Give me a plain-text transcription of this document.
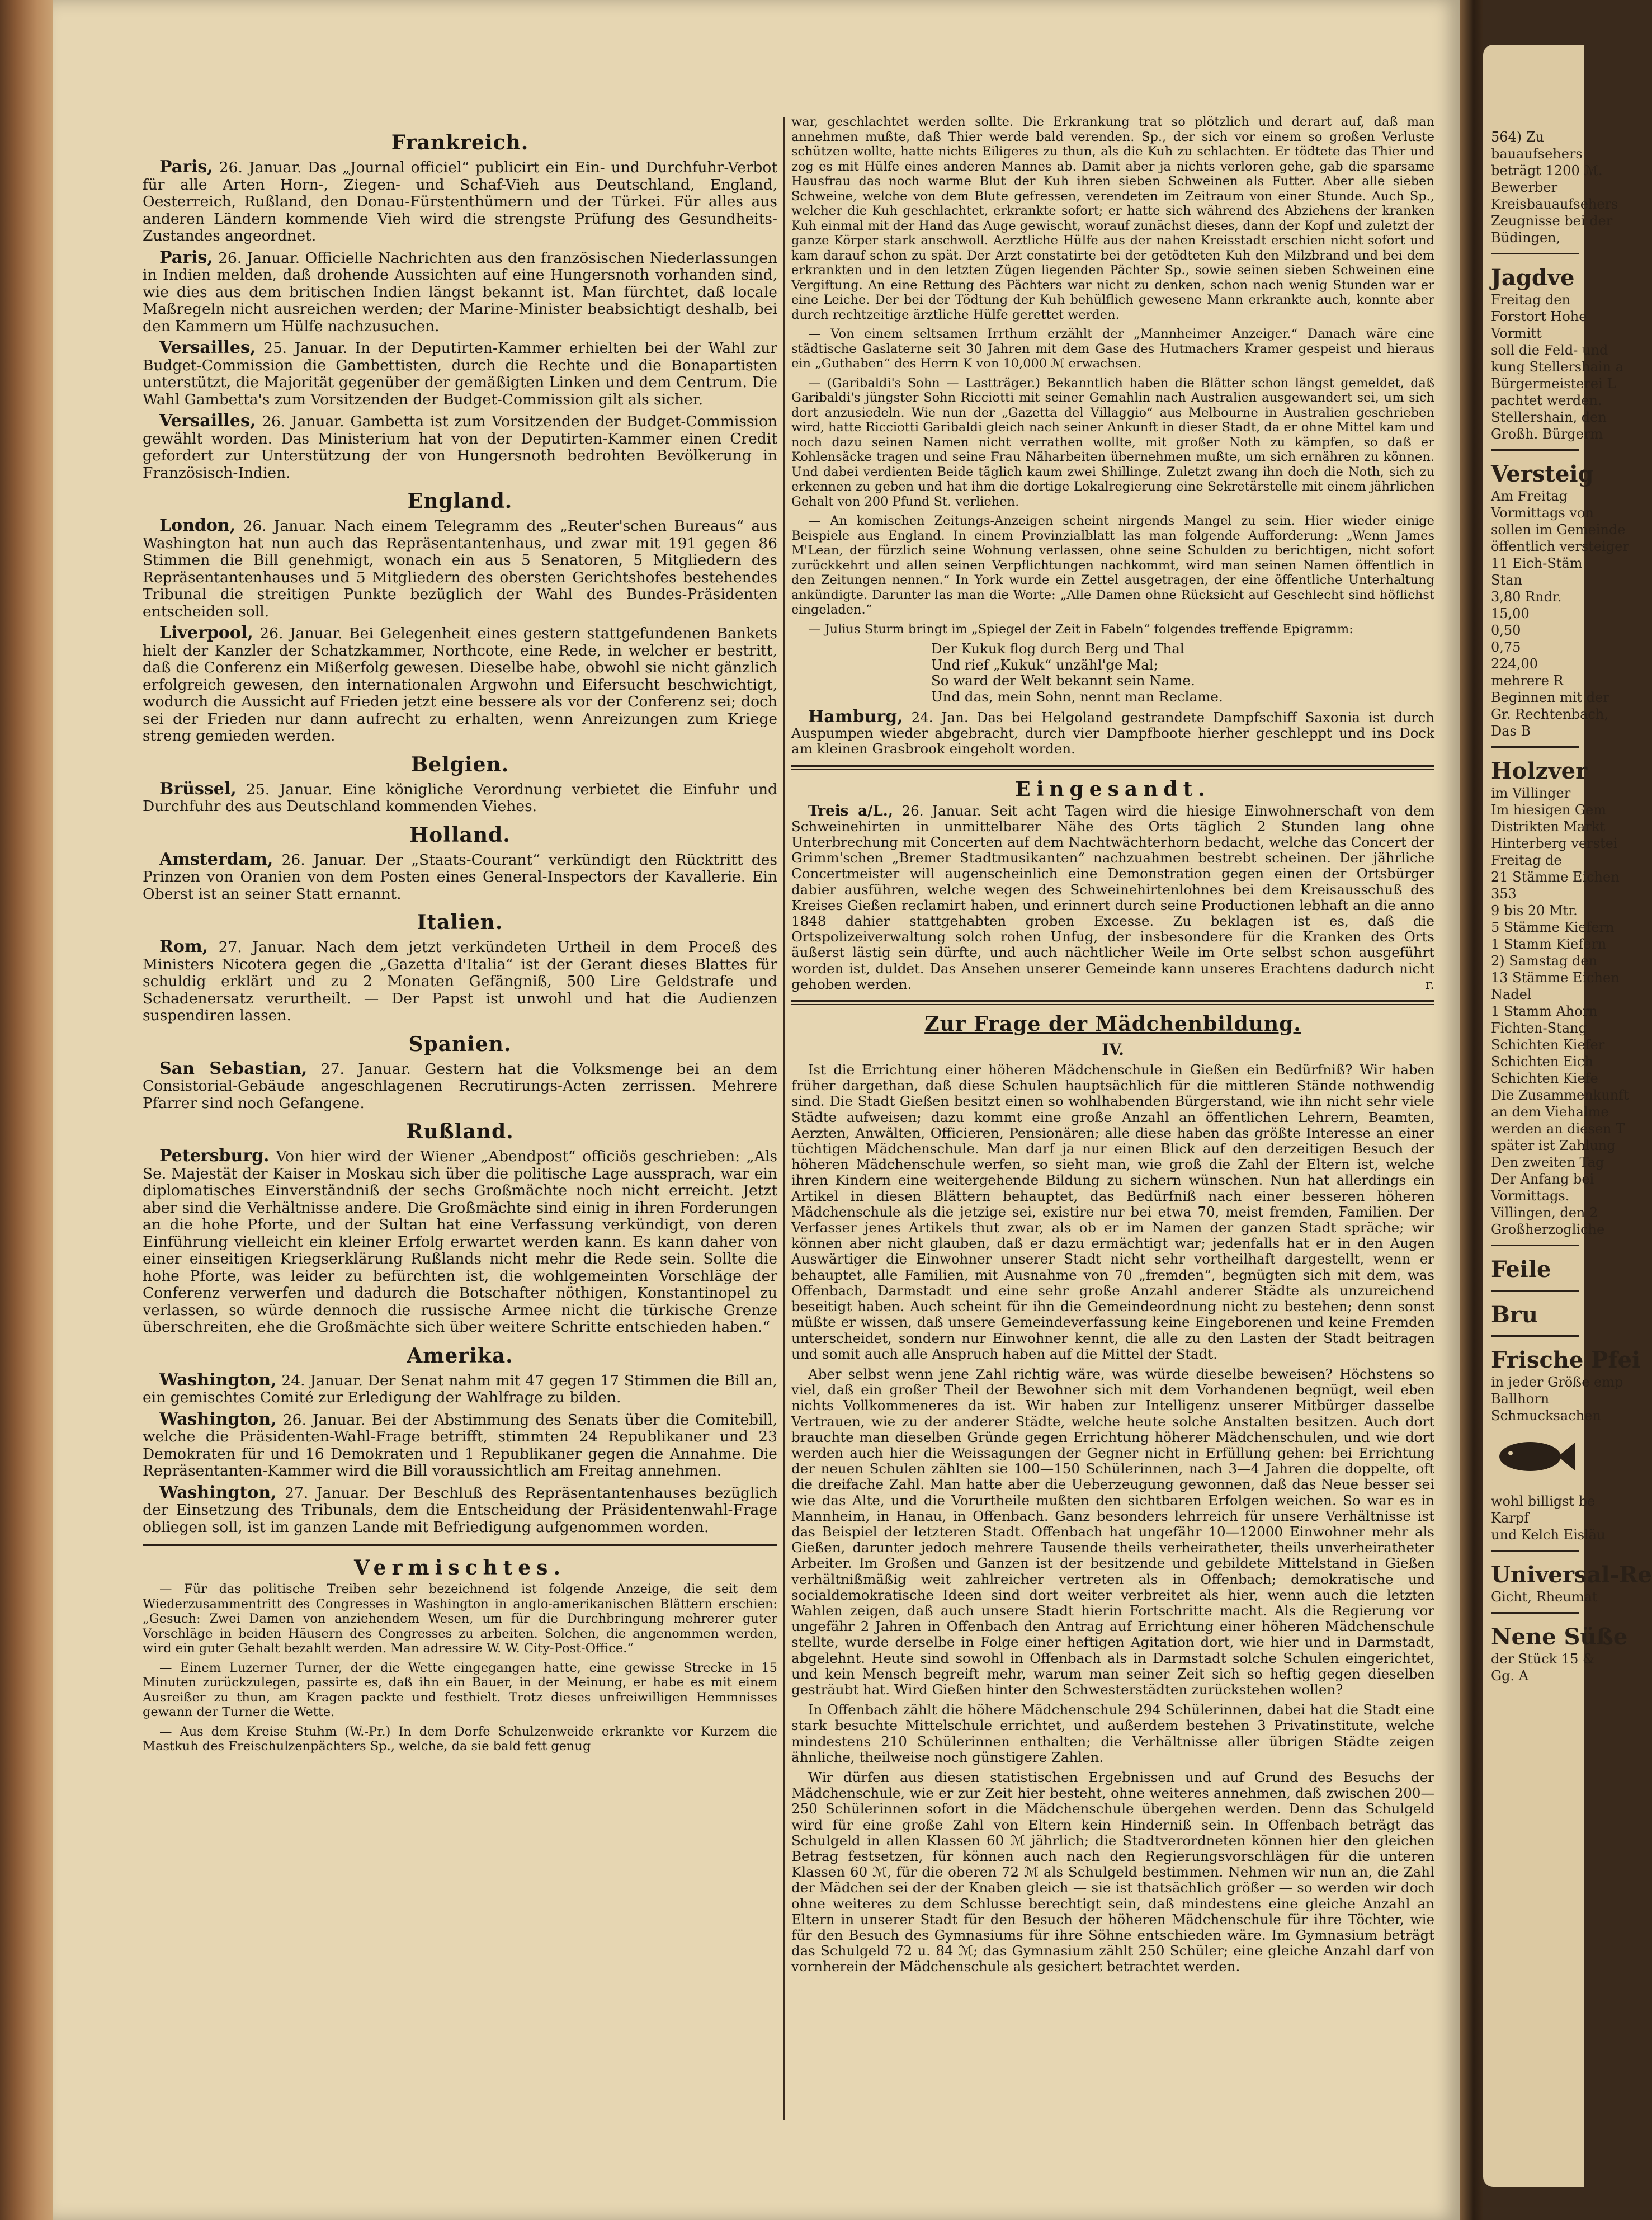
Frankreich.

Paris, 26. Januar. Das „Journal officiel“ publicirt ein Ein- und Durchfuhr-Verbot für alle Arten Horn-, Ziegen- und Schaf-Vieh aus Deutschland, England, Oesterreich, Rußland, den Donau-Fürstenthümern und der Türkei. Für alles aus anderen Ländern kommende Vieh wird die strengste Prüfung des Gesundheits-Zustandes angeordnet.

Paris, 26. Januar. Officielle Nachrichten aus den französischen Niederlassungen in Indien melden, daß drohende Aussichten auf eine Hungersnoth vorhanden sind, wie dies aus dem britischen Indien längst bekannt ist. Man fürchtet, daß locale Maßregeln nicht ausreichen werden; der Marine-Minister beabsichtigt deshalb, bei den Kammern um Hülfe nachzusuchen.

Versailles, 25. Januar. In der Deputirten-Kammer erhielten bei der Wahl zur Budget-Commission die Gambettisten, durch die Rechte und die Bonapartisten unterstützt, die Majorität gegenüber der gemäßigten Linken und dem Centrum. Die Wahl Gambetta's zum Vorsitzenden der Budget-Commission gilt als sicher.

Versailles, 26. Januar. Gambetta ist zum Vorsitzenden der Budget-Commission gewählt worden. Das Ministerium hat von der Deputirten-Kammer einen Credit gefordert zur Unterstützung der von Hungersnoth bedrohten Bevölkerung in Französisch-Indien.

England.

London, 26. Januar. Nach einem Telegramm des „Reuter'schen Bureaus“ aus Washington hat nun auch das Repräsentantenhaus, und zwar mit 191 gegen 86 Stimmen die Bill genehmigt, wonach ein aus 5 Senatoren, 5 Mitgliedern des Repräsentantenhauses und 5 Mitgliedern des obersten Gerichtshofes bestehendes Tribunal die streitigen Punkte bezüglich der Wahl des Bundes-Präsidenten entscheiden soll.

Liverpool, 26. Januar. Bei Gelegenheit eines gestern stattgefundenen Bankets hielt der Kanzler der Schatzkammer, Northcote, eine Rede, in welcher er bestritt, daß die Conferenz ein Mißerfolg gewesen. Dieselbe habe, obwohl sie nicht gänzlich erfolgreich gewesen, den internationalen Argwohn und Eifersucht beschwichtigt, wodurch die Aussicht auf Frieden jetzt eine bessere als vor der Conferenz sei; doch sei der Frieden nur dann aufrecht zu erhalten, wenn Anreizungen zum Kriege streng gemieden werden.

Belgien.

Brüssel, 25. Januar. Eine königliche Verordnung verbietet die Einfuhr und Durchfuhr des aus Deutschland kommenden Viehes.

Holland.

Amsterdam, 26. Januar. Der „Staats-Courant“ verkündigt den Rücktritt des Prinzen von Oranien von dem Posten eines General-Inspectors der Kavallerie. Ein Oberst ist an seiner Statt ernannt.

Italien.

Rom, 27. Januar. Nach dem jetzt verkündeten Urtheil in dem Proceß des Ministers Nicotera gegen die „Gazetta d'Italia“ ist der Gerant dieses Blattes für schuldig erklärt und zu 2 Monaten Gefängniß, 500 Lire Geldstrafe und Schadenersatz verurtheilt. — Der Papst ist unwohl und hat die Audienzen suspendiren lassen.

Spanien.

San Sebastian, 27. Januar. Gestern hat die Volksmenge bei an dem Consistorial-Gebäude angeschlagenen Recrutirungs-Acten zerrissen. Mehrere Pfarrer sind noch Gefangene.

Rußland.

Petersburg. Von hier wird der Wiener „Abendpost“ officiös geschrieben: „Als Se. Majestät der Kaiser in Moskau sich über die politische Lage aussprach, war ein diplomatisches Einverständniß der sechs Großmächte noch nicht erreicht. Jetzt aber sind die Verhältnisse andere. Die Großmächte sind einig in ihren Forderungen an die hohe Pforte, und der Sultan hat eine Verfassung verkündigt, von deren Einführung vielleicht ein kleiner Erfolg erwartet werden kann. Es kann daher von einer einseitigen Kriegserklärung Rußlands nicht mehr die Rede sein. Sollte die hohe Pforte, was leider zu befürchten ist, die wohlgemeinten Vorschläge der Conferenz verwerfen und dadurch die Botschafter nöthigen, Konstantinopel zu verlassen, so würde dennoch die russische Armee nicht die türkische Grenze überschreiten, ehe die Großmächte sich über weitere Schritte entschieden haben.“

Amerika.

Washington, 24. Januar. Der Senat nahm mit 47 gegen 17 Stimmen die Bill an, ein gemischtes Comité zur Erledigung der Wahlfrage zu bilden.

Washington, 26. Januar. Bei der Abstimmung des Senats über die Comitebill, welche die Präsidenten-Wahl-Frage betrifft, stimmten 24 Republikaner und 23 Demokraten für und 16 Demokraten und 1 Republikaner gegen die Annahme. Die Repräsentanten-Kammer wird die Bill voraussichtlich am Freitag annehmen.

Washington, 27. Januar. Der Beschluß des Repräsentantenhauses bezüglich der Einsetzung des Tribunals, dem die Entscheidung der Präsidentenwahl-Frage obliegen soll, ist im ganzen Lande mit Befriedigung aufgenommen worden.

Vermischtes.

— Für das politische Treiben sehr bezeichnend ist folgende Anzeige, die seit dem Wiederzusammentritt des Congresses in Washington in anglo-amerikanischen Blättern erschien: „Gesuch: Zwei Damen von anziehendem Wesen, um für die Durchbringung mehrerer guter Vorschläge in beiden Häusern des Congresses zu arbeiten. Solchen, die angenommen werden, wird ein guter Gehalt bezahlt werden. Man adressire W. W. City-Post-Office.“

— Einem Luzerner Turner, der die Wette eingegangen hatte, eine gewisse Strecke in 15 Minuten zurückzulegen, passirte es, daß ihn ein Bauer, in der Meinung, er habe es mit einem Ausreißer zu thun, am Kragen packte und festhielt. Trotz dieses unfreiwilligen Hemmnisses gewann der Turner die Wette.

— Aus dem Kreise Stuhm (W.-Pr.) In dem Dorfe Schulzenweide erkrankte vor Kurzem die Mastkuh des Freischulzenpächters Sp., welche, da sie bald fett genug

war, geschlachtet werden sollte. Die Erkrankung trat so plötzlich und derart auf, daß man annehmen mußte, daß Thier werde bald verenden. Sp., der sich vor einem so großen Verluste schützen wollte, hatte nichts Eiligeres zu thun, als die Kuh zu schlachten. Er tödtete das Thier und zog es mit Hülfe eines anderen Mannes ab. Damit aber ja nichts verloren gehe, gab die sparsame Hausfrau das noch warme Blut der Kuh ihren sieben Schweinen als Futter. Aber alle sieben Schweine, welche von dem Blute gefressen, verendeten im Zeitraum von einer Stunde. Auch Sp., welcher die Kuh geschlachtet, erkrankte sofort; er hatte sich während des Abziehens der kranken Kuh einmal mit der Hand das Auge gewischt, worauf zunächst dieses, dann der Kopf und zuletzt der ganze Körper stark anschwoll. Aerztliche Hülfe aus der nahen Kreisstadt erschien nicht sofort und kam darauf schon zu spät. Der Arzt constatirte bei der getödteten Kuh den Milzbrand und bei dem erkrankten und in den letzten Zügen liegenden Pächter Sp., sowie seinen sieben Schweinen eine Vergiftung. An eine Rettung des Pächters war nicht zu denken, schon nach wenig Stunden war er eine Leiche. Der bei der Tödtung der Kuh behülflich gewesene Mann erkrankte auch, konnte aber durch rechtzeitige ärztliche Hülfe gerettet werden.

— Von einem seltsamen Irrthum erzählt der „Mannheimer Anzeiger.“ Danach wäre eine städtische Gaslaterne seit 30 Jahren mit dem Gase des Hutmachers Kramer gespeist und hieraus ein „Guthaben“ des Herrn K von 10,000 ℳ erwachsen.

— (Garibaldi's Sohn — Lastträger.) Bekanntlich haben die Blätter schon längst gemeldet, daß Garibaldi's jüngster Sohn Ricciotti mit seiner Gemahlin nach Australien ausgewandert sei, um sich dort anzusiedeln. Wie nun der „Gazetta del Villaggio“ aus Melbourne in Australien geschrieben wird, hatte Ricciotti Garibaldi gleich nach seiner Ankunft in dieser Stadt, da er ohne Mittel kam und noch dazu seinen Namen nicht verrathen wollte, mit großer Noth zu kämpfen, so daß er Kohlensäcke tragen und seine Frau Näharbeiten übernehmen mußte, um sich ernähren zu können. Und dabei verdienten Beide täglich kaum zwei Shillinge. Zuletzt zwang ihn doch die Noth, sich zu erkennen zu geben und hat ihm die dortige Lokalregierung eine Sekretärstelle mit einem jährlichen Gehalt von 200 Pfund St. verliehen.

— An komischen Zeitungs-Anzeigen scheint nirgends Mangel zu sein. Hier wieder einige Beispiele aus England. In einem Provinzialblatt las man folgende Aufforderung: „Wenn James M'Lean, der fürzlich seine Wohnung verlassen, ohne seine Schulden zu berichtigen, nicht sofort zurückkehrt und allen seinen Verpflichtungen nachkommt, wird man seinen Namen öffentlich in den Zeitungen nennen.“ In York wurde ein Zettel ausgetragen, der eine öffentliche Unterhaltung ankündigte. Darunter las man die Worte: „Alle Damen ohne Rücksicht auf Geschlecht sind höflichst eingeladen.“

— Julius Sturm bringt im „Spiegel der Zeit in Fabeln“ folgendes treffende Epigramm:

Der Kukuk flog durch Berg und Thal
Und rief „Kukuk“ unzähl'ge Mal;
So ward der Welt bekannt sein Name.
Und das, mein Sohn, nennt man Reclame.

Hamburg, 24. Jan. Das bei Helgoland gestrandete Dampfschiff Saxonia ist durch Auspumpen wieder abgebracht, durch vier Dampfboote hierher geschleppt und ins Dock am kleinen Grasbrook eingeholt worden.

Eingesandt.

Treis a/L., 26. Januar. Seit acht Tagen wird die hiesige Einwohnerschaft von dem Schweinehirten in unmittelbarer Nähe des Orts täglich 2 Stunden lang ohne Unterbrechung mit Concerten auf dem Nachtwächterhorn bedacht, welche das Concert der Grimm'schen „Bremer Stadtmusikanten“ nachzuahmen bestrebt scheinen. Der jährliche Concertmeister will augenscheinlich eine Demonstration gegen einen der Ortsbürger dabier ausführen, welche wegen des Schweinehirtenlohnes bei dem Kreisausschuß des Kreises Gießen reclamirt haben, und erinnert durch seine Productionen lebhaft an die anno 1848 dahier stattgehabten groben Excesse. Zu beklagen ist es, daß die Ortspolizeiverwaltung solch rohen Unfug, der insbesondere für die Kranken des Orts äußerst lästig sein dürfte, und auch nächtlicher Weile im Orte selbst schon ausgeführt worden ist, duldet. Das Ansehen unserer Gemeinde kann unseres Erachtens dadurch nicht gehoben werden.	r.

Zur Frage der Mädchenbildung.
IV.

Ist die Errichtung einer höheren Mädchenschule in Gießen ein Bedürfniß? Wir haben früher dargethan, daß diese Schulen hauptsächlich für die mittleren Stände nothwendig sind. Die Stadt Gießen besitzt einen so wohlhabenden Bürgerstand, wie ihn nicht sehr viele Städte aufweisen; dazu kommt eine große Anzahl an öffentlichen Lehrern, Beamten, Aerzten, Anwälten, Officieren, Pensionären; alle diese haben das größte Interesse an einer tüchtigen Mädchenschule. Man darf ja nur einen Blick auf den derzeitigen Besuch der höheren Mädchenschule werfen, so sieht man, wie groß die Zahl der Eltern ist, welche ihren Kindern eine weitergehende Bildung zu sichern wünschen. Nun hat allerdings ein Artikel in diesen Blättern behauptet, das Bedürfniß nach einer besseren höheren Mädchenschule als die jetzige sei, existire nur bei etwa 70, meist fremden, Familien. Der Verfasser jenes Artikels thut zwar, als ob er im Namen der ganzen Stadt spräche; wir können aber nicht glauben, daß er dazu ermächtigt war; jedenfalls hat er in den Augen Auswärtiger die Einwohner unserer Stadt nicht sehr vortheilhaft dargestellt, wenn er behauptet, alle Familien, mit Ausnahme von 70 „fremden“, begnügten sich mit dem, was Offenbach, Darmstadt und eine sehr große Anzahl anderer Städte als unzureichend beseitigt haben. Auch scheint für ihn die Gemeindeordnung nicht zu bestehen; denn sonst müßte er wissen, daß unsere Gemeindeverfassung keine Eingeborenen und keine Fremden unterscheidet, sondern nur Einwohner kennt, die alle zu den Lasten der Stadt beitragen und somit auch alle Anspruch haben auf die Mittel der Stadt.

Aber selbst wenn jene Zahl richtig wäre, was würde dieselbe beweisen? Höchstens so viel, daß ein großer Theil der Bewohner sich mit dem Vorhandenen begnügt, weil eben nichts Vollkommeneres da ist. Wir haben zur Intelligenz unserer Mitbürger dasselbe Vertrauen, wie zu der anderer Städte, welche heute solche Anstalten besitzen. Auch dort brauchte man dieselben Gründe gegen Errichtung höherer Mädchenschulen, und wie dort werden auch hier die Weissagungen der Gegner nicht in Erfüllung gehen: bei Errichtung der neuen Schulen zählten sie 100—150 Schülerinnen, nach 3—4 Jahren die doppelte, oft die dreifache Zahl. Man hatte aber die Ueberzeugung gewonnen, daß das Neue besser sei wie das Alte, und die Vorurtheile mußten den sichtbaren Erfolgen weichen. So war es in Mannheim, in Hanau, in Offenbach. Ganz besonders lehrreich für unsere Verhältnisse ist das Beispiel der letzteren Stadt. Offenbach hat ungefähr 10—12000 Einwohner mehr als Gießen, darunter jedoch mehrere Tausende theils verheiratheter, theils unverheiratheter Arbeiter. Im Großen und Ganzen ist der besitzende und gebildete Mittelstand in Gießen verhältnißmäßig weit zahlreicher vertreten als in Offenbach; demokratische und socialdemokratische Ideen sind dort weiter verbreitet als hier, wenn auch die letzten Wahlen zeigen, daß auch unsere Stadt hierin Fortschritte macht. Als die Regierung vor ungefähr 2 Jahren in Offenbach den Antrag auf Errichtung einer höheren Mädchenschule stellte, wurde derselbe in Folge einer heftigen Agitation dort, wie hier und in Darmstadt, abgelehnt. Heute sind sowohl in Offenbach als in Darmstadt solche Schulen eingerichtet, und kein Mensch begreift mehr, warum man seiner Zeit sich so heftig gegen dieselben gesträubt hat. Wird Gießen hinter den Schwesterstädten zurückstehen wollen?

In Offenbach zählt die höhere Mädchenschule 294 Schülerinnen, dabei hat die Stadt eine stark besuchte Mittelschule errichtet, und außerdem bestehen 3 Privatinstitute, welche mindestens 210 Schülerinnen enthalten; die Verhältnisse aller übrigen Städte zeigen ähnliche, theilweise noch günstigere Zahlen.

Wir dürfen aus diesen statistischen Ergebnissen und auf Grund des Besuchs der Mädchenschule, wie er zur Zeit hier besteht, ohne weiteres annehmen, daß zwischen 200—250 Schülerinnen sofort in die Mädchenschule übergehen werden. Denn das Schulgeld wird für eine große Zahl von Eltern kein Hinderniß sein. In Offenbach beträgt das Schulgeld in allen Klassen 60 ℳ jährlich; die Stadtverordneten können hier den gleichen Betrag festsetzen, für können auch nach den Regierungsvorschlägen für die unteren Klassen 60 ℳ, für die oberen 72 ℳ als Schulgeld bestimmen. Nehmen wir nun an, die Zahl der Mädchen sei der der Knaben gleich — sie ist thatsächlich größer — so werden wir doch ohne weiteres zu dem Schlusse berechtigt sein, daß mindestens eine gleiche Anzahl an Eltern in unserer Stadt für den Besuch der höheren Mädchenschule für ihre Töchter, wie für den Besuch des Gymnasiums für ihre Söhne entschieden wäre. Im Gymnasium beträgt das Schulgeld 72 u. 84 ℳ; das Gymnasium zählt 250 Schüler; eine gleiche Anzahl darf von vornherein der Mädchenschule als gesichert betrachtet werden.

564) Zu
bauaufsehers
beträgt 1200 ℳ.
Bewerber
Kreisbauaufsehers
Zeugnisse bei der
Büdingen,
Jagdve
Freitag den
Forstort Hohe
Vormitt
soll die Feld- und
kung Stellershain a
Bürgermeisterei L
pachtet werden.
Stellershain, den
Großh. Bürgerm
Versteig
Am Freitag
Vormittags von
sollen im Gemeinde
öffentlich versteiger
11 Eich-Stäm
Stan
3,80 Rndr.
15,00
0,50
0,75
224,00
mehrere R
Beginnen mit der
Gr. Rechtenbach,
Das B
Holzver
im Villinger
Im hiesigen Gem
Distrikten Markt
Hinterberg verstei
Freitag de
21 Stämme Eichen
353
9 bis 20 Mtr.
5 Stämme Kiefern
1 Stamm Kiefern
2) Samstag den
13 Stämme Eichen
Nadel
1 Stamm Ahorn
Fichten-Stang
Schichten Kiefer
Schichten Eich
Schichten Kiefe
Die Zusammenkunft
an dem Viehalme
werden an diesen T
später ist Zahlung
Den zweiten Tag
Der Anfang bei
Vormittags.
Villingen, den 2
Großherzogliche
Feile
Bru
Frische Pfei
in jeder Größe emp
Ballhorn
Schmucksachen
wohl billigst be
Karpf
und Kelch Eisläu
Universal-Re
Gicht, Rheumat
Nene Süße
der Stück 15 &
Gg. A
